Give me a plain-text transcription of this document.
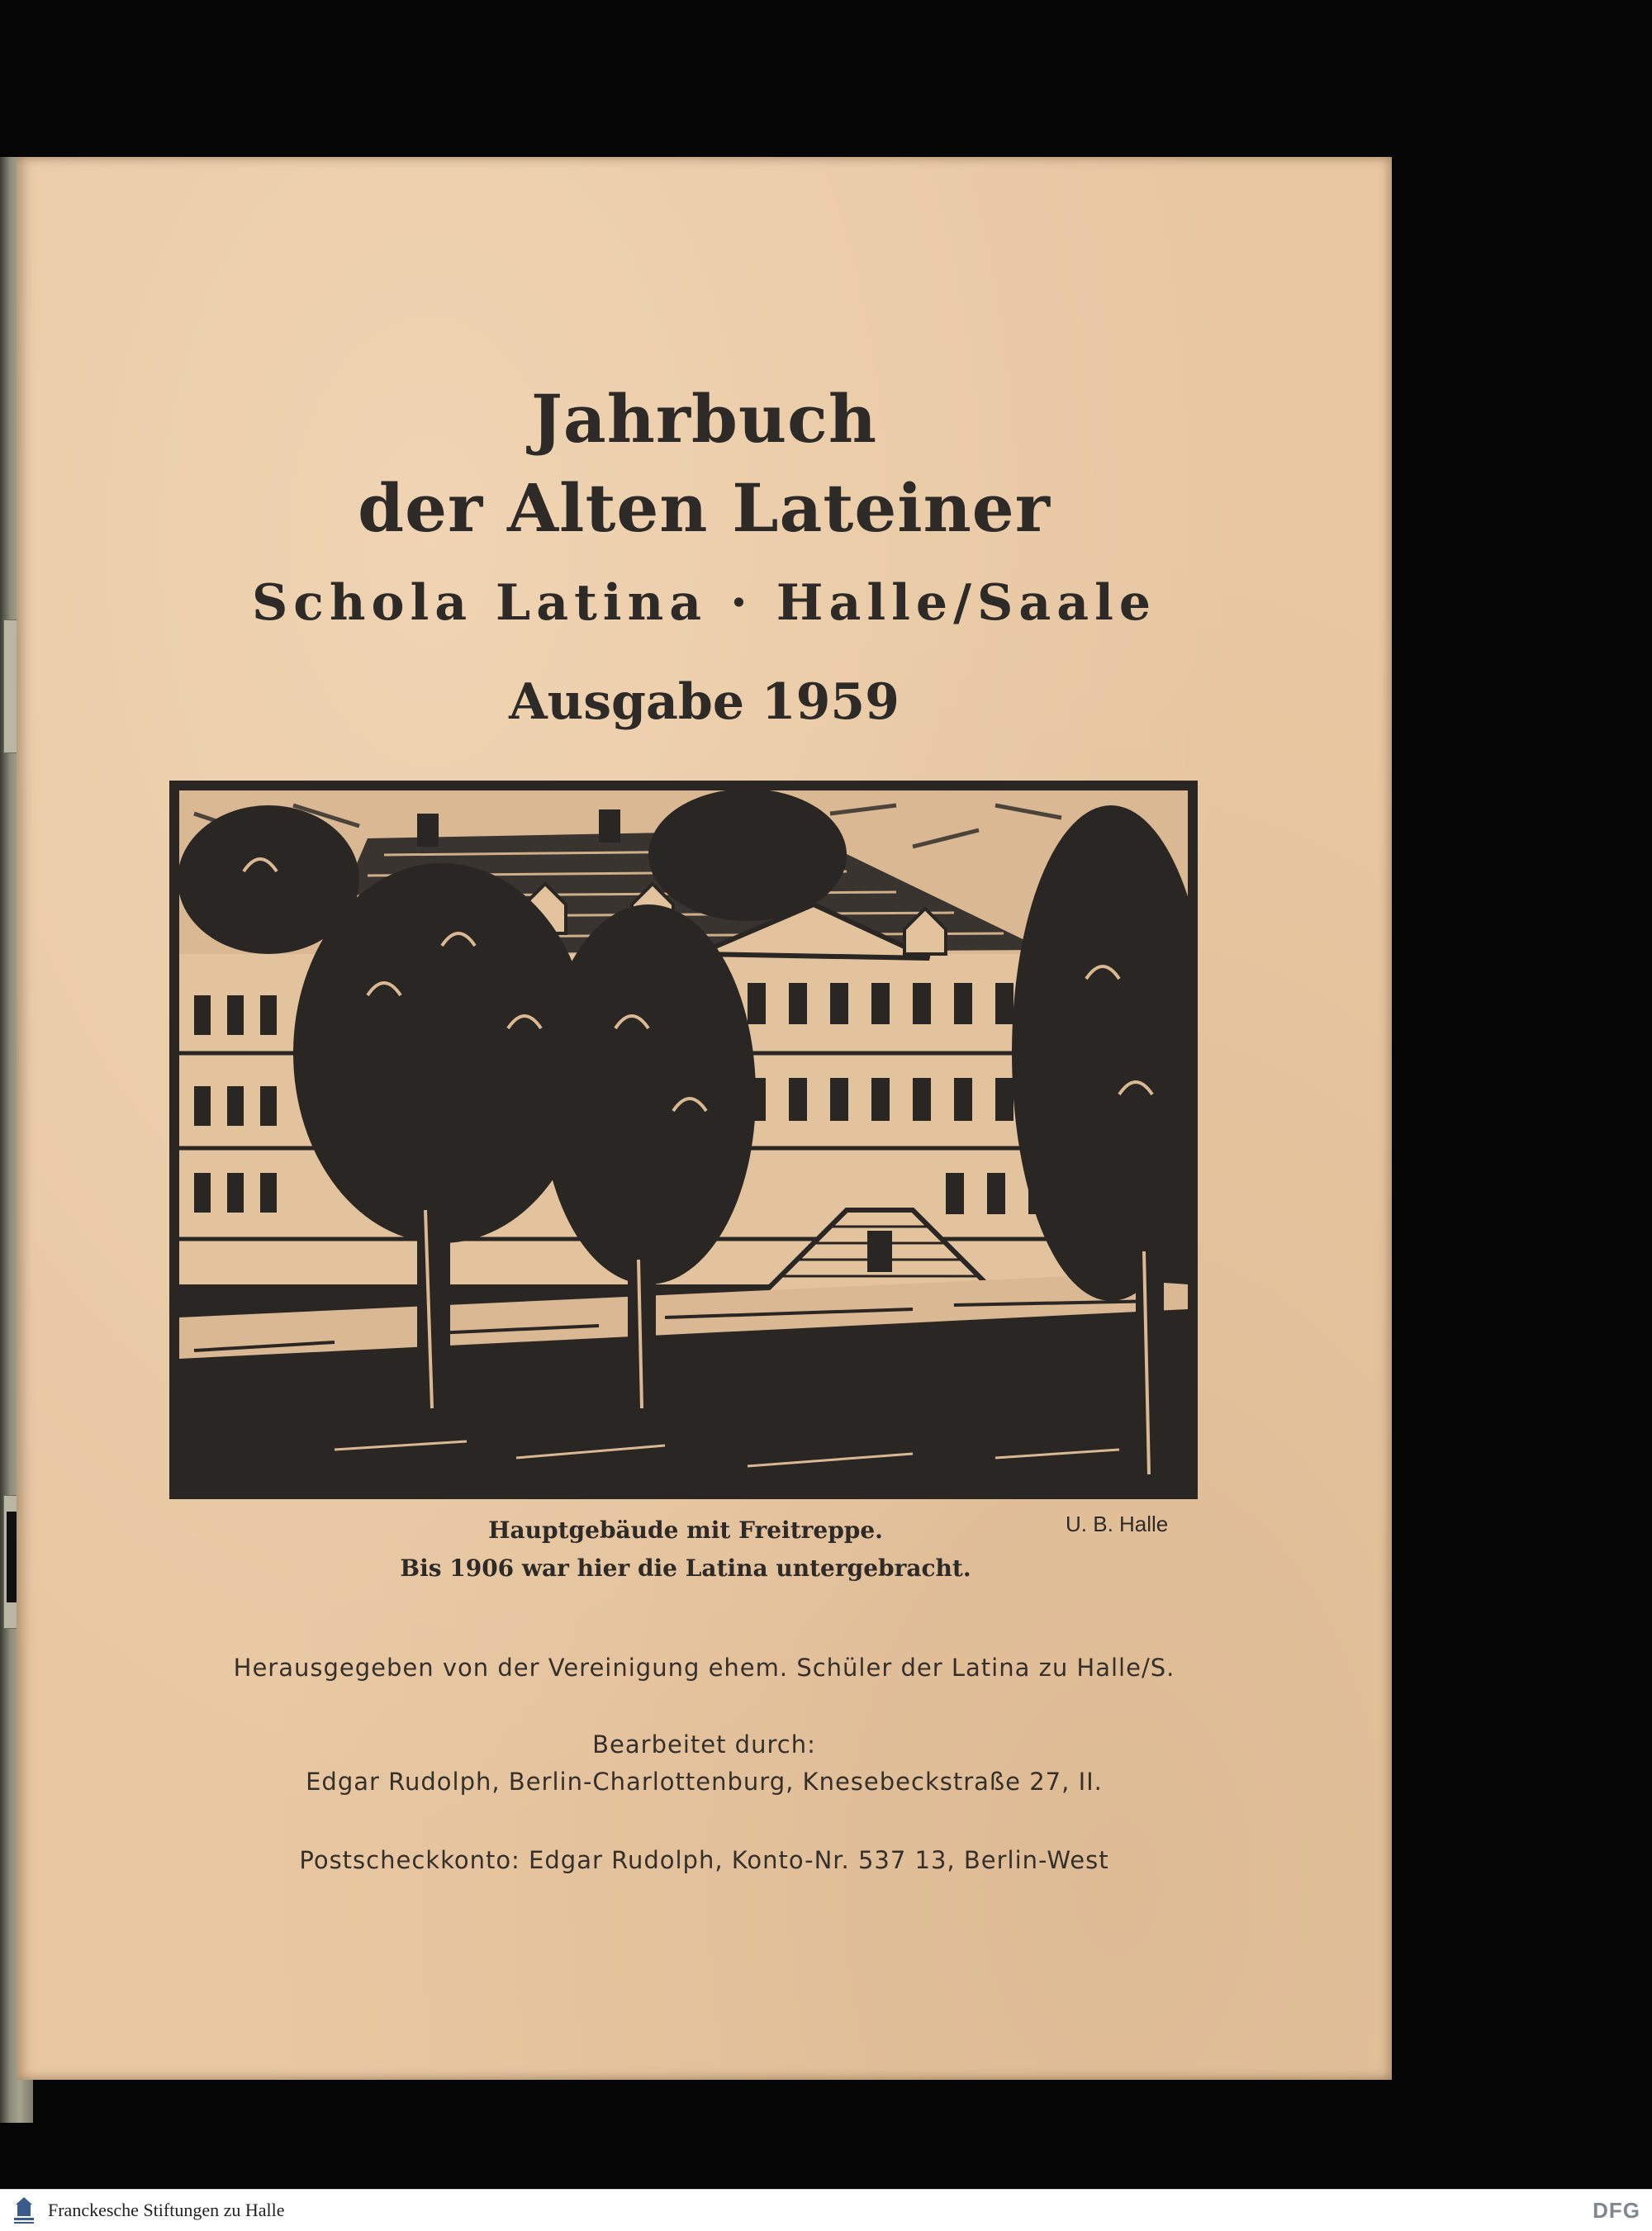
Jahrbuch

der Alten Lateiner

Schola Latina · Halle/Saale

Ausgabe 1959

Hauptgebäude mit Freitreppe.
Bis 1906 war hier die Latina untergebracht.
U. B. Halle
Herausgegeben von der Vereinigung ehem. Schüler der Latina zu Halle/S.
Bearbeitet durch:
Edgar Rudolph, Berlin-Charlottenburg, Knesebeckstraße 27, II.
Postscheckkonto: Edgar Rudolph, Konto-Nr. 537 13, Berlin-West
Franckesche Stiftungen zu Halle	DFG
